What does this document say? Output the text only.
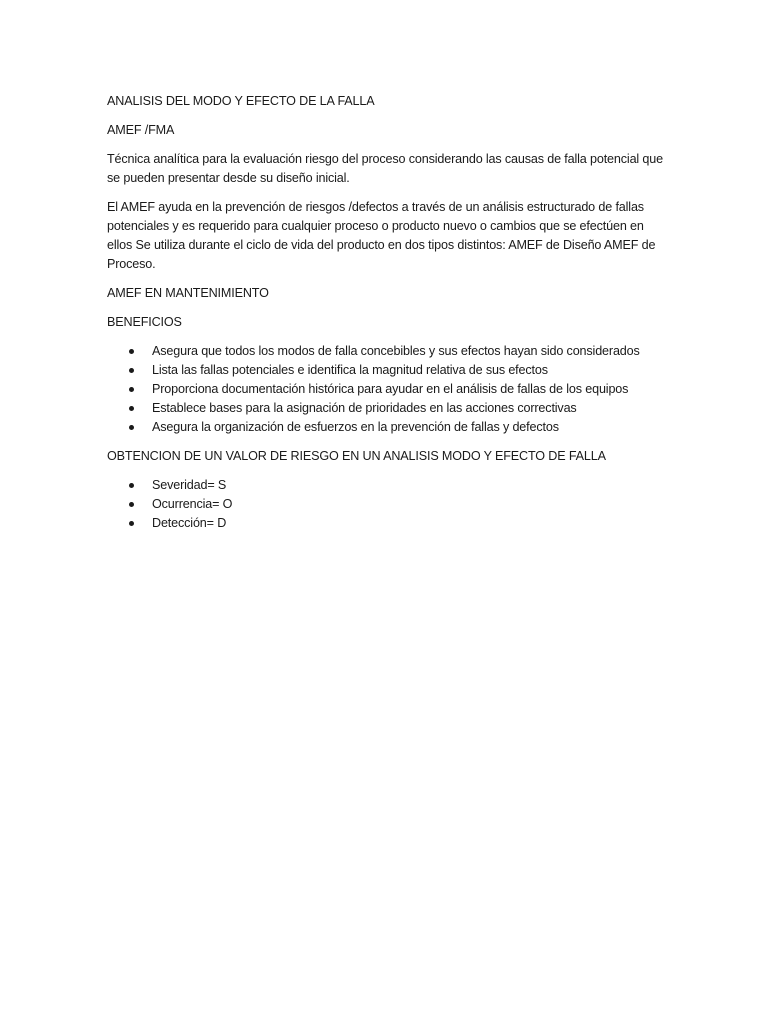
ANALISIS DEL MODO Y EFECTO DE LA FALLA

AMEF /FMA

Técnica analítica para la evaluación riesgo del proceso considerando las causas de falla potencial que se pueden presentar desde su diseño inicial.

El AMEF ayuda en la prevención de riesgos /defectos a través de un análisis estructurado de fallas potenciales y es requerido para cualquier proceso o producto nuevo o cambios que se efectúen en ellos Se utiliza durante el ciclo de vida del producto en dos tipos distintos: AMEF de Diseño AMEF de Proceso.

AMEF EN MANTENIMIENTO

BENEFICIOS

Asegura que todos los modos de falla concebibles y sus efectos hayan sido considerados
Lista las fallas potenciales e identifica la magnitud relativa de sus efectos
Proporciona documentación histórica para ayudar en el análisis de fallas de los equipos
Establece bases para la asignación de prioridades en las acciones correctivas
Asegura la organización de esfuerzos en la prevención de fallas y defectos

OBTENCION DE UN VALOR DE RIESGO EN UN ANALISIS MODO Y EFECTO DE FALLA

Severidad= S
Ocurrencia= O
Detección= D
